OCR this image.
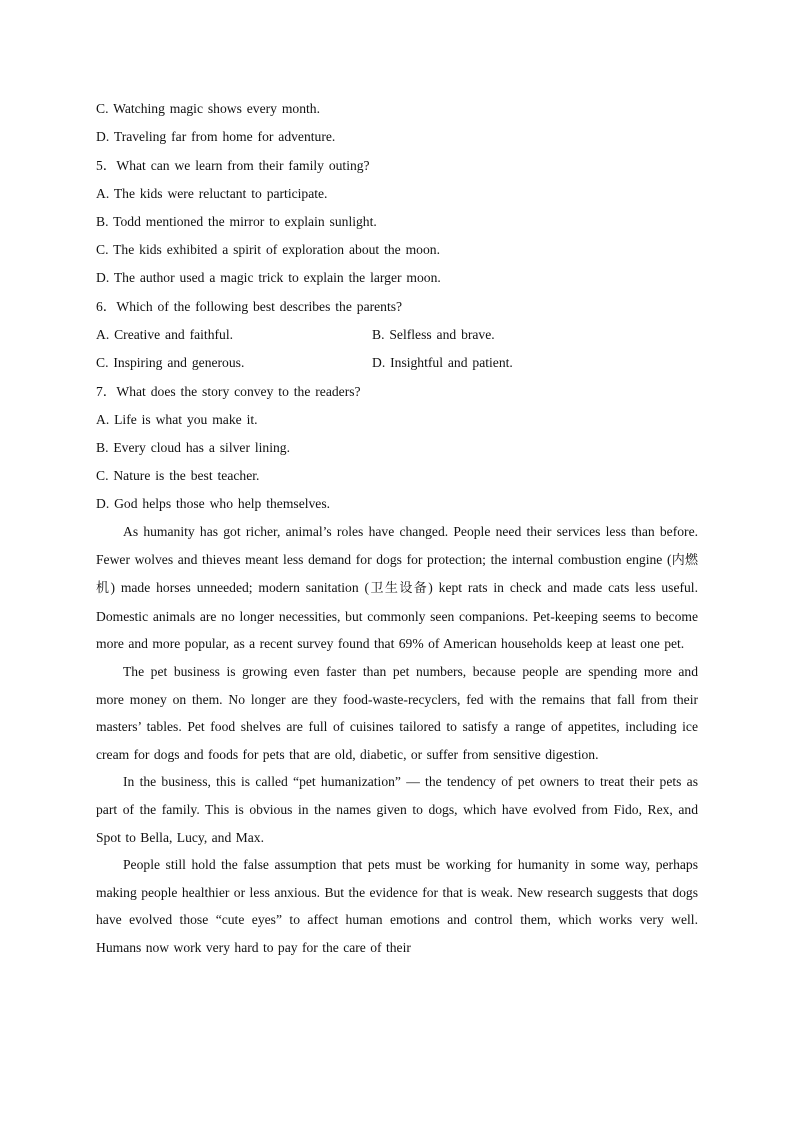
C. Watching magic shows every month.
D. Traveling far from home for adventure.
5．What can we learn from their family outing?
A. The kids were reluctant to participate.
B. Todd mentioned the mirror to explain sunlight.
C. The kids exhibited a spirit of exploration about the moon.
D. The author used a magic trick to explain the larger moon.
6．Which of the following best describes the parents?
A. Creative and faithful.	B. Selfless and brave.
C. Inspiring and generous.	D. Insightful and patient.
7．What does the story convey to the readers?
A. Life is what you make it.
B. Every cloud has a silver lining.
C. Nature is the best teacher.
D. God helps those who help themselves.

As humanity has got richer, animal’s roles have changed. People need their services less than before. Fewer wolves and thieves meant less demand for dogs for protection; the internal combustion engine (内燃机) made horses unneeded; modern sanitation (卫生设备) kept rats in check and made cats less useful. Domestic animals are no longer necessities, but commonly seen companions. Pet-keeping seems to become more and more popular, as a recent survey found that 69% of American households keep at least one pet.

The pet business is growing even faster than pet numbers, because people are spending more and more money on them. No longer are they food-waste-recyclers, fed with the remains that fall from their masters’ tables. Pet food shelves are full of cuisines tailored to satisfy a range of appetites, including ice cream for dogs and foods for pets that are old, diabetic, or suffer from sensitive digestion.

In the business, this is called “pet humanization” — the tendency of pet owners to treat their pets as part of the family. This is obvious in the names given to dogs, which have evolved from Fido, Rex, and Spot to Bella, Lucy, and Max.

People still hold the false assumption that pets must be working for humanity in some way, perhaps making people healthier or less anxious. But the evidence for that is weak. New research suggests that dogs have evolved those “cute eyes” to affect human emotions and control them, which works very well. Humans now work very hard to pay for the care of their
